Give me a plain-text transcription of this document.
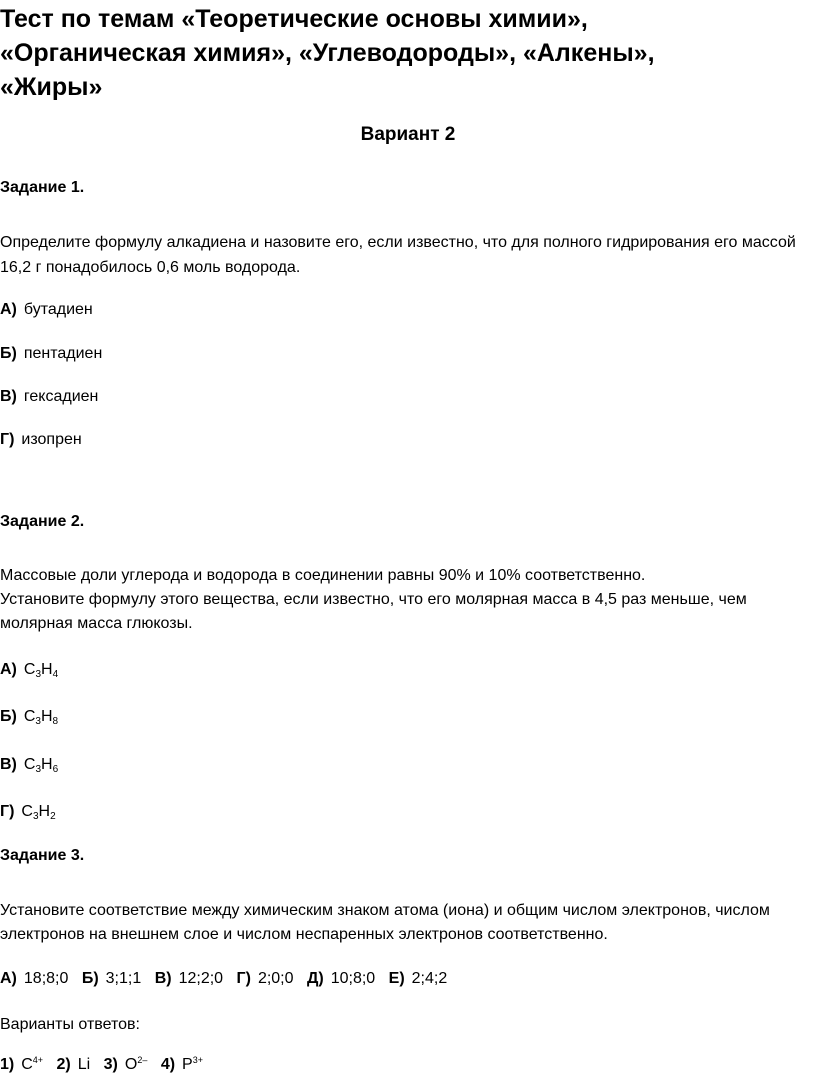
Тест по темам «Теоретические основы химии»,
«Органическая химия», «Углеводороды», «Алкены»,
«Жиры»
Вариант 2

Задание 1.

Определите формулу алкадиена и назовите его, если известно, что для полного гидрирования его массой

16,2 г понадобилось 0,6 моль водорода.

А) бутадиен

Б) пентадиен

В) гексадиен

Г) изопрен

Задание 2.

Массовые доли углерода и водорода в соединении равны 90% и 10% соответственно.

Установите формулу этого вещества, если известно, что его молярная масса в 4,5 раз меньше, чем

молярная масса глюкозы.

А) $C_3H_4$

Б) $C_3H_8$

В) $C_3H_6$

Г) $C_3H_2$

Задание 3.

Установите соответствие между химическим знаком атома (иона) и общим числом электронов, числом

электронов на внешнем слое и числом неспаренных электронов соответственно.

А) 18;8;0 Б) 3;1;1 В) 12;2;0 Г) 2;0;0 Д) 10;8;0 Е) 2;4;2

Варианты ответов:

1) $C^{4+}$ 2) Li 3) $O^{2-}$ 4) $P^{3+}$
